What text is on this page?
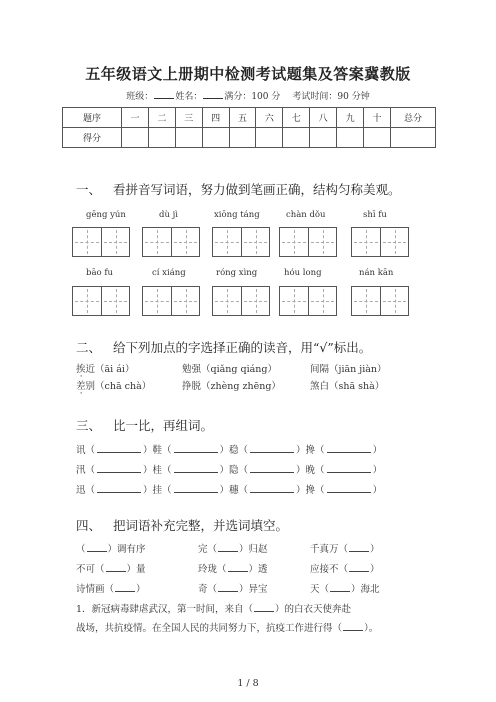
五年级语文上册期中检测考试题集及答案冀教版
班级： 姓名： 满分：100 分 考试时间：90 分钟
题序	一	二	三	四	五	六	七	八	九	十	总分
得分											
一、 看拼音写词语，努力做到笔画正确，结构匀称美观。
gēng yún	dù jì	xiōng táng	chàn dǒu	shī fu
bāo fu	cí xiáng	róng xìng	hóu long	nán kān
二、 给下列加点的字选择正确的读音，用“√”标出。
挨近（āi ái）	勉强（qiǎng qiáng）	间隔（jiān jiàn）
差别（chā chà）	挣脱（zhèng zhēng）	煞白（shā shà）
三、 比一比，再组词。
讯（	）鞋（	）稳（	）搀（	）
汛（	）桂（	）隐（	）晚（	）
迅（	）挂（	）穗（	）搀（	）
四、 把词语补充完整，并选词填空。
（ ）调有序	完（ ）归赵	千真万（ ）
不可（ ）量	玲珑（ ）透	应接不（ ）
诗情画（ ）	奇（ ）异宝	天（ ）海北
1．新冠病毒肆虐武汉，第一时间，来自（ ）的白衣天使奔赴
战场，共抗疫情。在全国人民的共同努力下，抗疫工作进行得（ ）。
1 / 8
